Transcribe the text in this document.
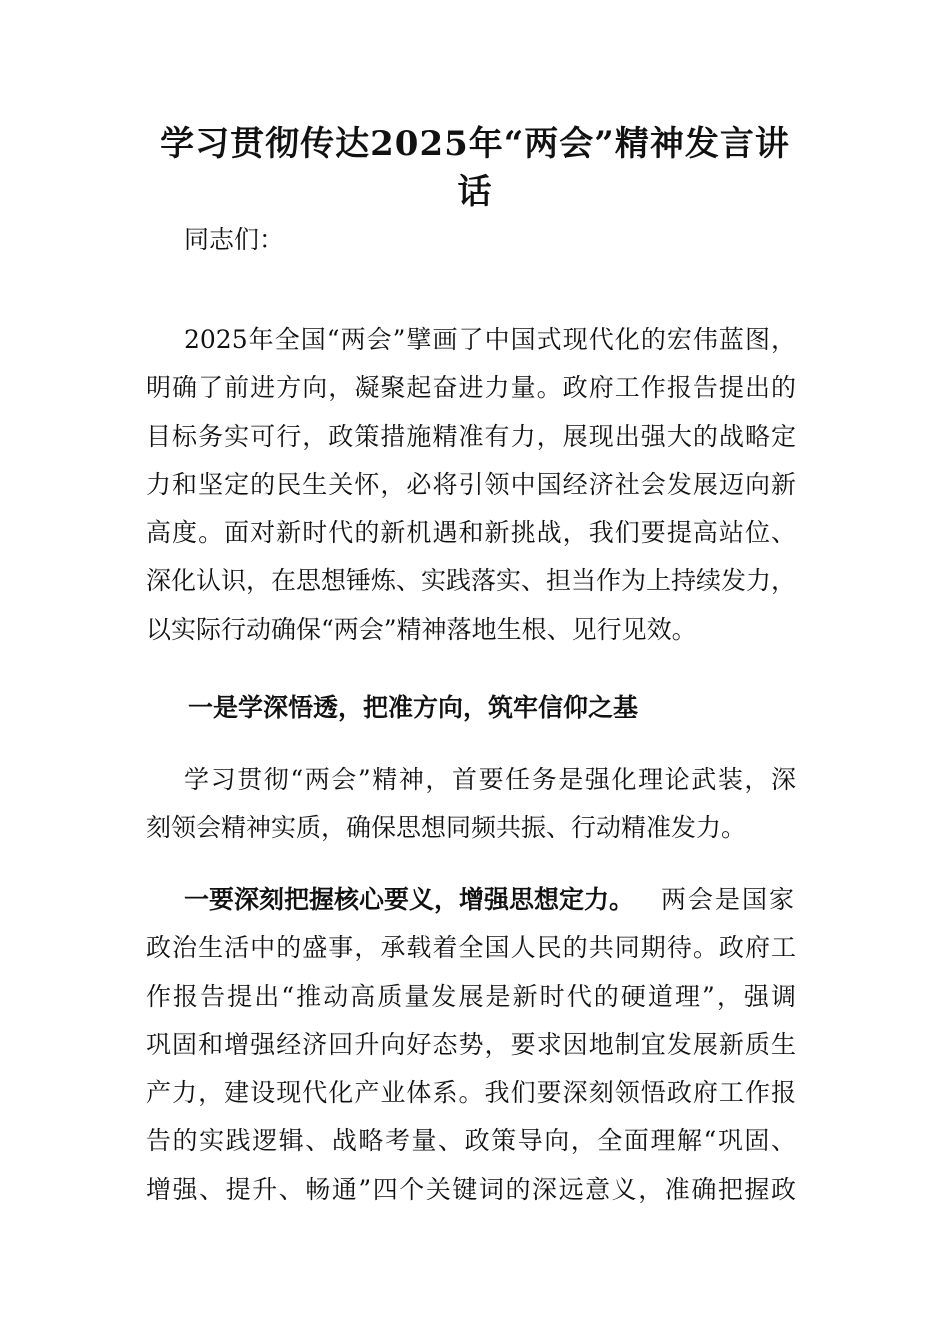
学习贯彻传达2025年“两会”精神发言讲
话
同志们：
2025年全国“两会”擘画了中国式现代化的宏伟蓝图，
明确了前进方向，凝聚起奋进力量。政府工作报告提出的
目标务实可行，政策措施精准有力，展现出强大的战略定
力和坚定的民生关怀，必将引领中国经济社会发展迈向新
高度。面对新时代的新机遇和新挑战，我们要提高站位、
深化认识，在思想锤炼、实践落实、担当作为上持续发力，
以实际行动确保“两会”精神落地生根、见行见效。
一是学深悟透，把准方向，筑牢信仰之基
学习贯彻“两会”精神，首要任务是强化理论武装，深
刻领会精神实质，确保思想同频共振、行动精准发力。
一要深刻把握核心要义，增强思想定力。 两会是国家
政治生活中的盛事，承载着全国人民的共同期待。政府工
作报告提出“推动高质量发展是新时代的硬道理”，强调
巩固和增强经济回升向好态势，要求因地制宜发展新质生
产力，建设现代化产业体系。我们要深刻领悟政府工作报
告的实践逻辑、战略考量、政策导向，全面理解“巩固、
增强、提升、畅通”四个关键词的深远意义，准确把握政
